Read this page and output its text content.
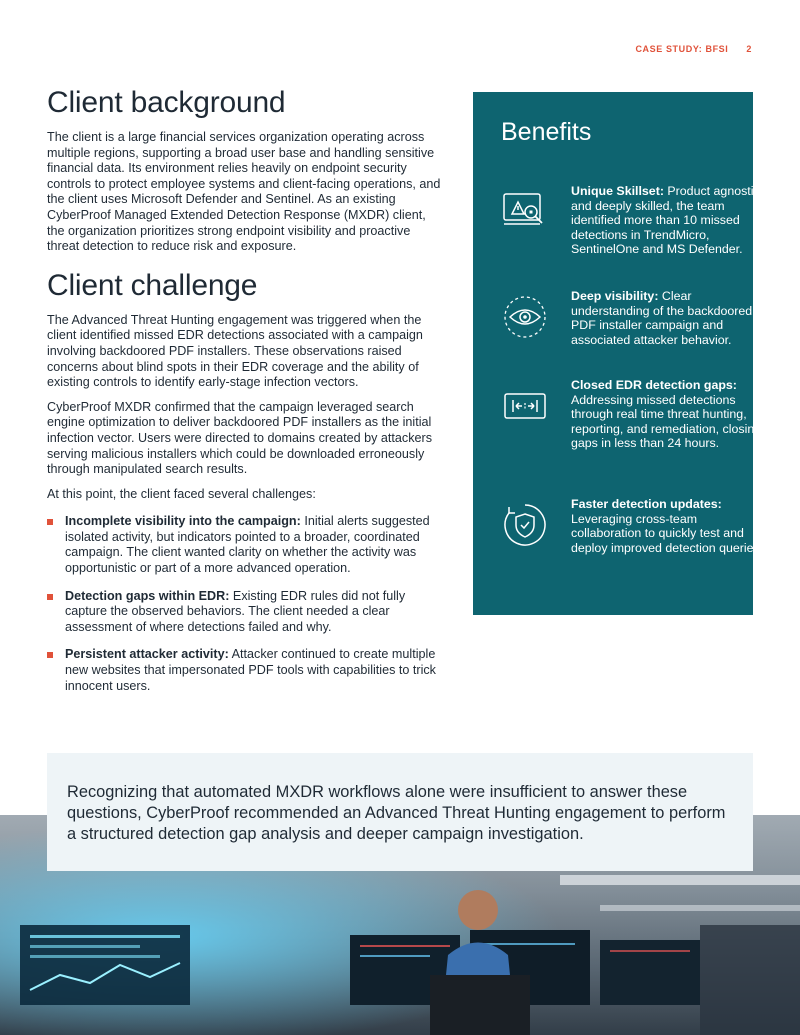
CASE STUDY: BFSI 2
Client background

The client is a large financial services organization operating across multiple regions, supporting a broad user base and handling sensitive financial data. Its environment relies heavily on endpoint security controls to protect employee systems and client-facing operations, and the client uses Microsoft Defender and Sentinel. As an existing CyberProof Managed Extended Detection Response (MXDR) client, the organization prioritizes strong endpoint visibility and proactive threat detection to reduce risk and exposure.

Client challenge

The Advanced Threat Hunting engagement was triggered when the client identified missed EDR detections associated with a campaign involving backdoored PDF installers. These observations raised concerns about blind spots in their EDR coverage and the ability of existing controls to identify early-stage infection vectors.

CyberProof MXDR confirmed that the campaign leveraged search engine optimization to deliver backdoored PDF installers as the initial infection vector. Users were directed to domains created by attackers serving malicious installers which could be downloaded erroneously through manipulated search results.

At this point, the client faced several challenges:

Incomplete visibility into the campaign: Initial alerts suggested isolated activity, but indicators pointed to a broader, coordinated campaign. The client wanted clarity on whether the activity was opportunistic or part of a more advanced operation.
Detection gaps within EDR: Existing EDR rules did not fully capture the observed behaviors. The client needed a clear assessment of where detections failed and why.
Persistent attacker activity: Attacker continued to create multiple new websites that impersonated PDF tools with capabilities to trick innocent users.
Benefits
Unique Skillset: Product agnostic and deeply skilled, the team identified more than 10 missed detections in TrendMicro, SentinelOne and MS Defender.
Deep visibility: Clear understanding of the backdoored PDF installer campaign and associated attacker behavior.
Closed EDR detection gaps: Addressing missed detections through real time threat hunting, reporting, and remediation, closing gaps in less than 24 hours.
Faster detection updates: Leveraging cross-team collaboration to quickly test and deploy improved detection queries.

Recognizing that automated MXDR workflows alone were insufficient to answer these questions, CyberProof recommended an Advanced Threat Hunting engagement to perform a structured detection gap analysis and deeper campaign investigation.
